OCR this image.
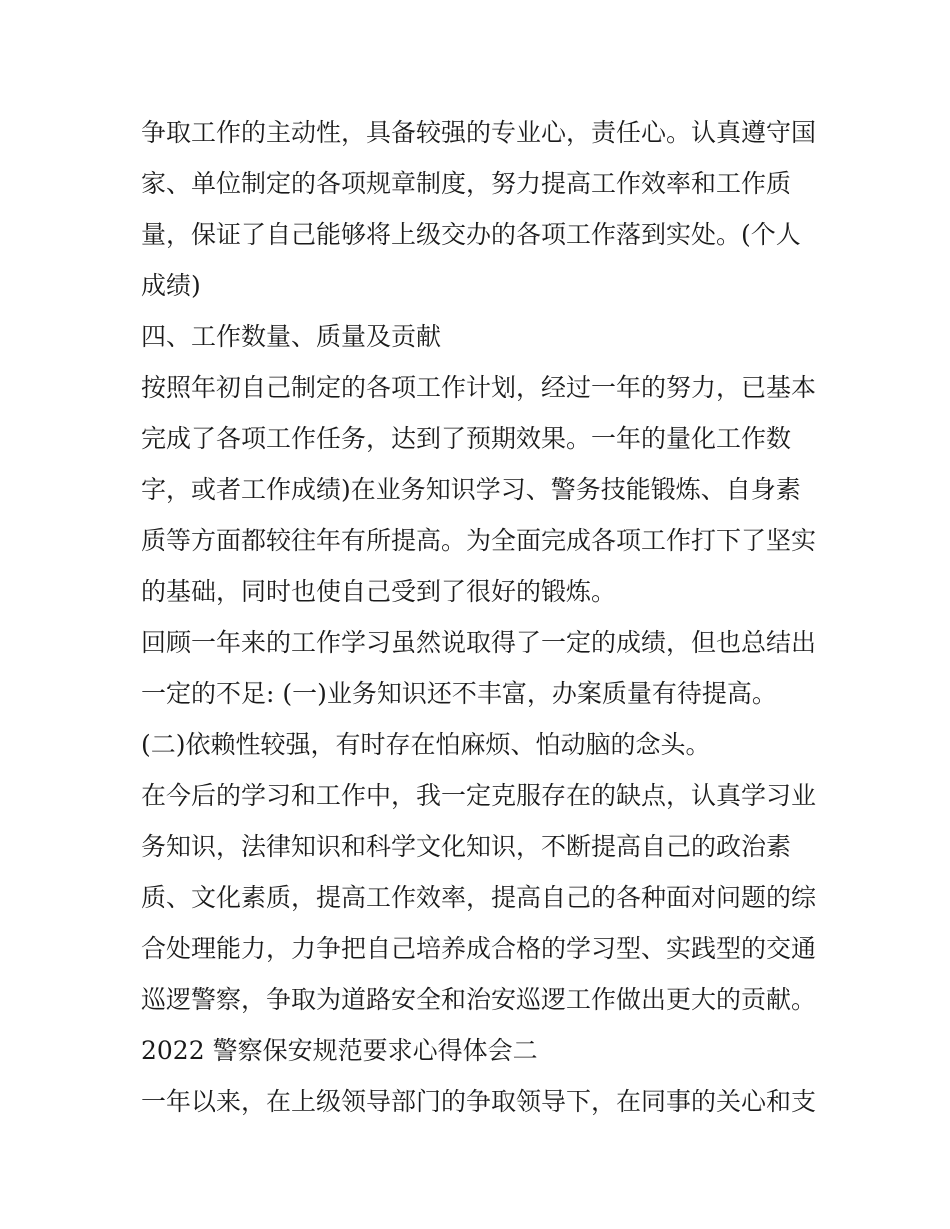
争取工作的主动性，具备较强的专业心，责任心。认真遵守国
家、单位制定的各项规章制度，努力提高工作效率和工作质
量，保证了自己能够将上级交办的各项工作落到实处。(个人
成绩)
四、工作数量、质量及贡献
按照年初自己制定的各项工作计划，经过一年的努力，已基本
完成了各项工作任务，达到了预期效果。一年的量化工作数
字，或者工作成绩)在业务知识学习、警务技能锻炼、自身素
质等方面都较往年有所提高。为全面完成各项工作打下了坚实
的基础，同时也使自己受到了很好的锻炼。
回顾一年来的工作学习虽然说取得了一定的成绩，但也总结出
一定的不足: (一)业务知识还不丰富，办案质量有待提高。
(二)依赖性较强，有时存在怕麻烦、怕动脑的念头。
在今后的学习和工作中，我一定克服存在的缺点，认真学习业
务知识，法律知识和科学文化知识，不断提高自己的政治素
质、文化素质，提高工作效率，提高自己的各种面对问题的综
合处理能力，力争把自己培养成合格的学习型、实践型的交通
巡逻警察，争取为道路安全和治安巡逻工作做出更大的贡献。
2022 警察保安规范要求心得体会二
一年以来，在上级领导部门的争取领导下，在同事的关心和支
